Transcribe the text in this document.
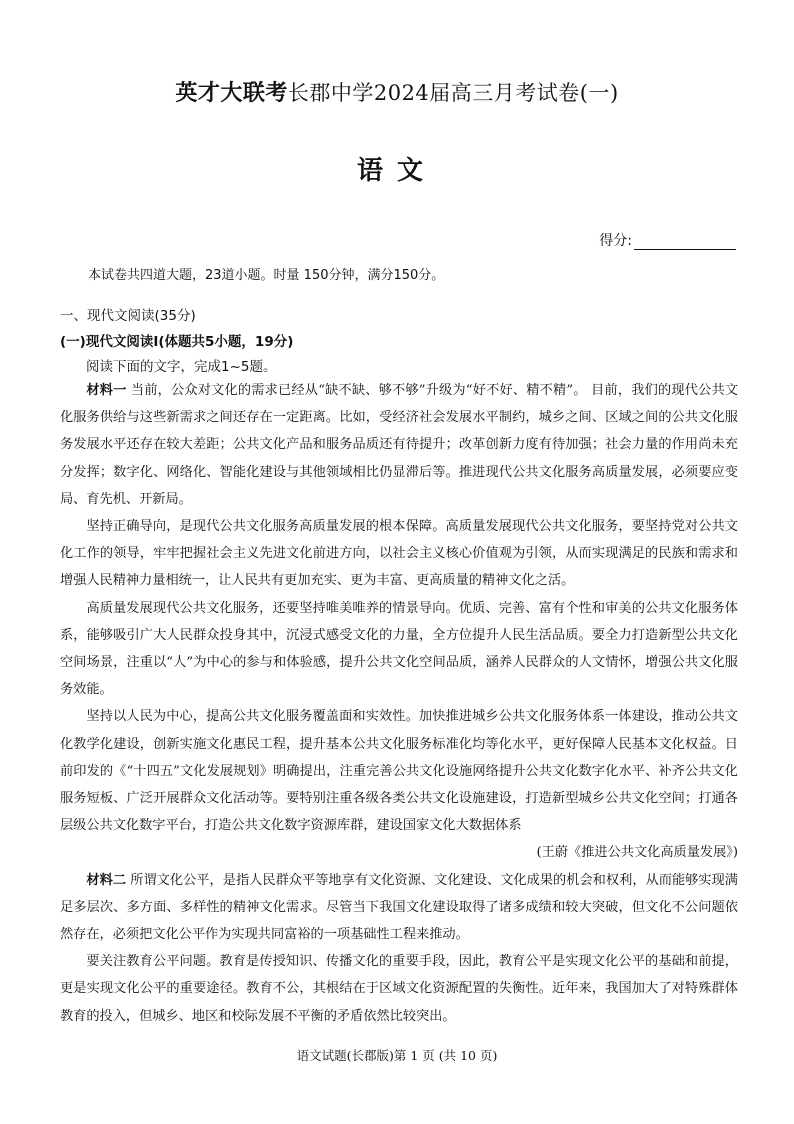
英才大联考长郡中学2024届高三月考试卷(一)
语文
得分:
本试卷共四道大题，23道小题。时量 150分钟，满分150分。
一、现代文阅读(35分)
(一)现代文阅读Ⅰ(体题共5小题，19分)
阅读下面的文字，完成1~5题。

材料一 当前，公众对文化的需求已经从“缺不缺、够不够”升级为“好不好、精不精”。 目前，我们的现代公共文化服务供给与这些新需求之间还存在一定距离。比如，受经济社会发展水平制约，城乡之间、区域之间的公共文化服务发展水平还存在较大差距；公共文化产品和服务品质还有待提升；改革创新力度有待加强；社会力量的作用尚未充分发挥；数字化、网络化、智能化建设与其他领域相比仍显滞后等。推进现代公共文化服务高质量发展，必须要应变局、育先机、开新局。

坚持正确导向，是现代公共文化服务高质量发展的根本保障。高质量发展现代公共文化服务，要坚持党对公共文化工作的领导，牢牢把握社会主义先进文化前进方向，以社会主义核心价值观为引领，从而实现满足的民族和需求和增强人民精神力量相统一，让人民共有更加充实、更为丰富、更高质量的精神文化之活。

高质量发展现代公共文化服务，还要坚持唯美唯养的情景导向。优质、完善、富有个性和审美的公共文化服务体系，能够吸引广大人民群众投身其中，沉浸式感受文化的力量，全方位提升人民生活品质。要全力打造新型公共文化空间场景，注重以“人”为中心的参与和体验感，提升公共文化空间品质，涵养人民群众的人文情怀，增强公共文化服务效能。

坚持以人民为中心，提高公共文化服务覆盖面和实效性。加快推进城乡公共文化服务体系一体建设，推动公共文化教学化建设，创新实施文化惠民工程，提升基本公共文化服务标准化均等化水平，更好保障人民基本文化权益。日前印发的《“十四五”文化发展规划》明确提出，注重完善公共文化设施网络提升公共文化数字化水平、补齐公共文化服务短板、广泛开展群众文化活动等。要特别注重各级各类公共文化设施建设，打造新型城乡公共文化空间；打通各层级公共文化数字平台，打造公共文化数字资源库群，建设国家文化大数据体系

(王蔚《推进公共文化高质量发展》)

材料二 所谓文化公平，是指人民群众平等地享有文化资源、文化建设、文化成果的机会和权利，从而能够实现满足多层次、多方面、多样性的精神文化需求。尽管当下我国文化建设取得了诸多成绩和较大突破，但文化不公问题依然存在，必须把文化公平作为实现共同富裕的一项基础性工程来推动。

要关注教育公平问题。教育是传授知识、传播文化的重要手段，因此，教育公平是实现文化公平的基础和前提，更是实现文化公平的重要途径。教育不公，其根结在于区域文化资源配置的失衡性。近年来，我国加大了对特殊群体教育的投入，但城乡、地区和校际发展不平衡的矛盾依然比较突出。

语文试题(长郡版)第 1 页 (共 10 页)
